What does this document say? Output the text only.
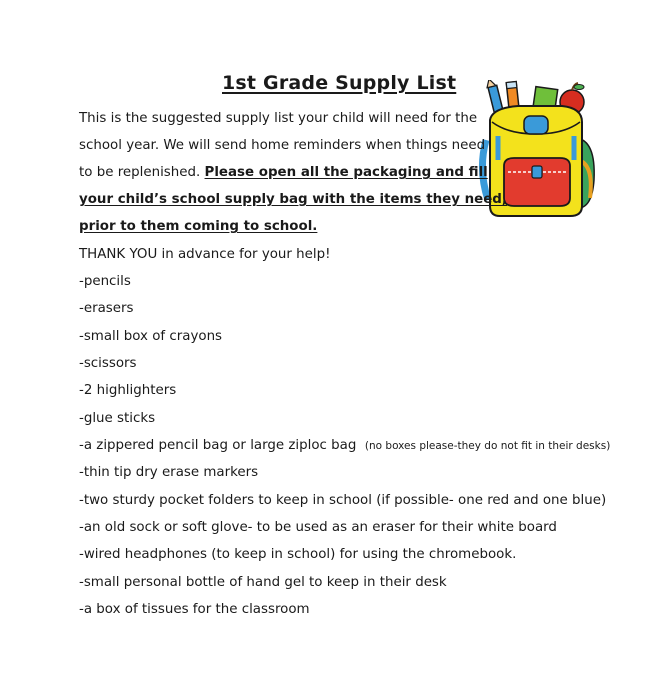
1st Grade Supply List
This is the suggested supply list your child will need for the
school year. We will send home reminders when things need
to be replenished. Please open all the packaging and fill
your child’s school supply bag with the items they need,
prior to them coming to school.
THANK YOU in advance for your help!
-pencils
-erasers
-small box of crayons
-scissors
-2 highlighters
-glue sticks
-a zippered pencil bag or large ziploc bag (no boxes please-they do not fit in their desks)
-thin tip dry erase markers
-two sturdy pocket folders to keep in school (if possible- one red and one blue)
-an old sock or soft glove- to be used as an eraser for their white board
-wired headphones (to keep in school) for using the chromebook.
-small personal bottle of hand gel to keep in their desk
-a box of tissues for the classroom
